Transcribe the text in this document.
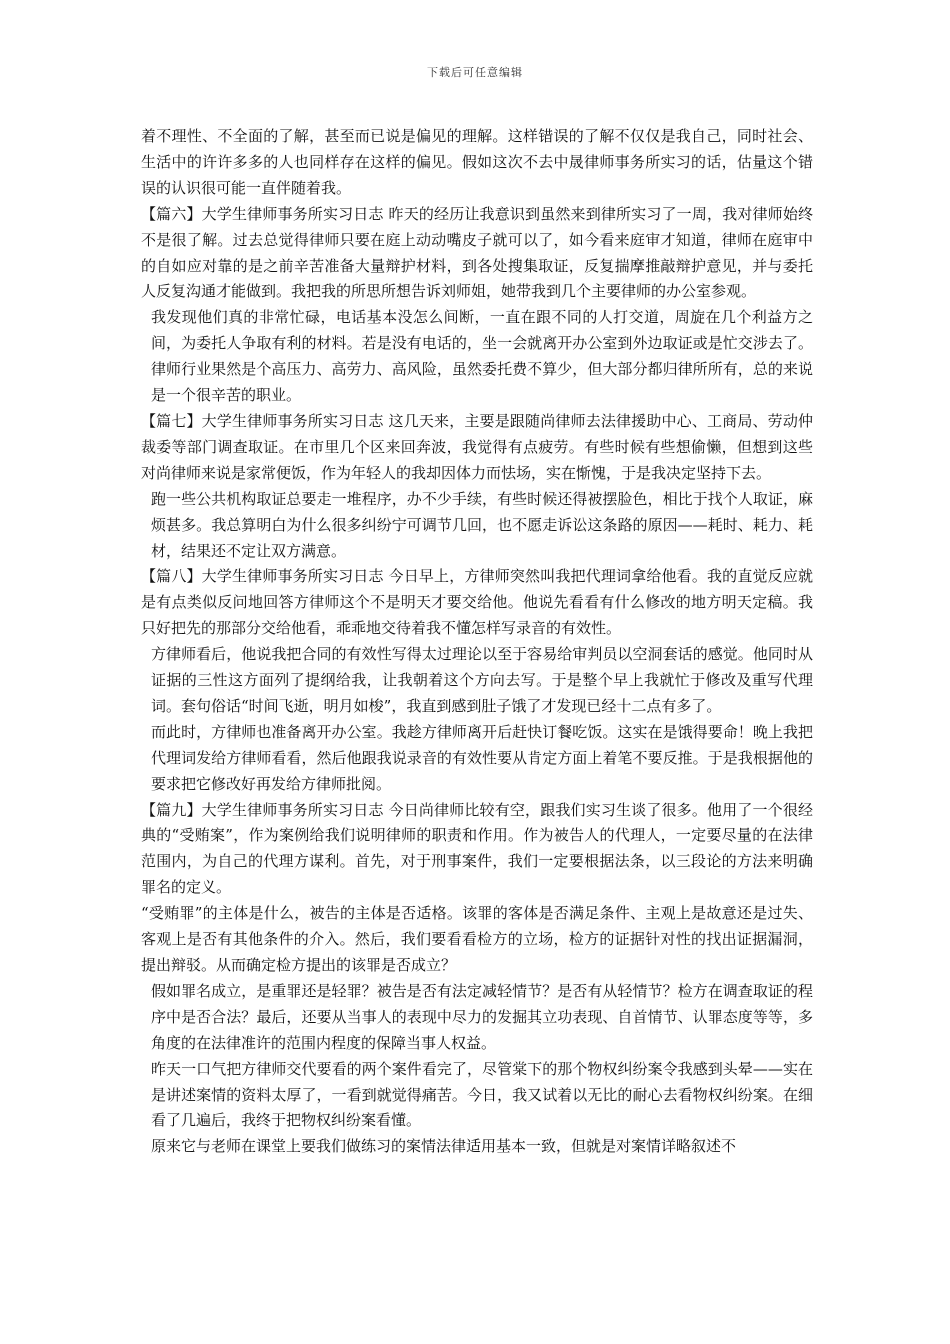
下载后可任意编辑

着不理性、不全面的了解，甚至而已说是偏见的理解。这样错误的了解不仅仅是我自己，同时社会、生活中的许许多多的人也同样存在这样的偏见。假如这次不去中晟律师事务所实习的话，估量这个错误的认识很可能一直伴随着我。

【篇六】大学生律师事务所实习日志 昨天的经历让我意识到虽然来到律所实习了一周，我对律师始终不是很了解。过去总觉得律师只要在庭上动动嘴皮子就可以了，如今看来庭审才知道，律师在庭审中的自如应对靠的是之前辛苦准备大量辩护材料，到各处搜集取证，反复揣摩推敲辩护意见，并与委托人反复沟通才能做到。我把我的所思所想告诉刘师姐，她带我到几个主要律师的办公室参观。

我发现他们真的非常忙碌，电话基本没怎么间断，一直在跟不同的人打交道，周旋在几个利益方之间，为委托人争取有利的材料。若是没有电话的，坐一会就离开办公室到外边取证或是忙交涉去了。律师行业果然是个高压力、高劳力、高风险，虽然委托费不算少，但大部分都归律所所有，总的来说是一个很辛苦的职业。

【篇七】大学生律师事务所实习日志 这几天来，主要是跟随尚律师去法律援助中心、工商局、劳动仲裁委等部门调查取证。在市里几个区来回奔波，我觉得有点疲劳。有些时候有些想偷懒，但想到这些对尚律师来说是家常便饭，作为年轻人的我却因体力而怯场，实在惭愧，于是我决定坚持下去。

跑一些公共机构取证总要走一堆程序，办不少手续，有些时候还得被摆脸色，相比于找个人取证，麻烦甚多。我总算明白为什么很多纠纷宁可调节几回，也不愿走诉讼这条路的原因——耗时、耗力、耗材，结果还不定让双方满意。

【篇八】大学生律师事务所实习日志 今日早上，方律师突然叫我把代理词拿给他看。我的直觉反应就是有点类似反问地回答方律师这个不是明天才要交给他。他说先看看有什么修改的地方明天定稿。我只好把先的那部分交给他看，乖乖地交待着我不懂怎样写录音的有效性。

方律师看后，他说我把合同的有效性写得太过理论以至于容易给审判员以空洞套话的感觉。他同时从证据的三性这方面列了提纲给我，让我朝着这个方向去写。于是整个早上我就忙于修改及重写代理词。套句俗话“时间飞逝，明月如梭”，我直到感到肚子饿了才发现已经十二点有多了。

而此时，方律师也准备离开办公室。我趁方律师离开后赶快订餐吃饭。这实在是饿得要命！晚上我把代理词发给方律师看看，然后他跟我说录音的有效性要从肯定方面上着笔不要反推。于是我根据他的要求把它修改好再发给方律师批阅。

【篇九】大学生律师事务所实习日志 今日尚律师比较有空，跟我们实习生谈了很多。他用了一个很经典的“受贿案”，作为案例给我们说明律师的职责和作用。作为被告人的代理人，一定要尽量的在法律范围内，为自己的代理方谋利。首先，对于刑事案件，我们一定要根据法条，以三段论的方法来明确罪名的定义。

“受贿罪”的主体是什么，被告的主体是否适格。该罪的客体是否满足条件、主观上是故意还是过失、客观上是否有其他条件的介入。然后，我们要看看检方的立场，检方的证据针对性的找出证据漏洞，提出辩驳。从而确定检方提出的该罪是否成立？

假如罪名成立，是重罪还是轻罪？被告是否有法定减轻情节？是否有从轻情节？检方在调查取证的程序中是否合法？最后，还要从当事人的表现中尽力的发掘其立功表现、自首情节、认罪态度等等，多角度的在法律准许的范围内程度的保障当事人权益。

昨天一口气把方律师交代要看的两个案件看完了，尽管棠下的那个物权纠纷案令我感到头晕——实在是讲述案情的资料太厚了，一看到就觉得痛苦。今日，我又试着以无比的耐心去看物权纠纷案。在细看了几遍后，我终于把物权纠纷案看懂。

原来它与老师在课堂上要我们做练习的案情法律适用基本一致，但就是对案情详略叙述不
